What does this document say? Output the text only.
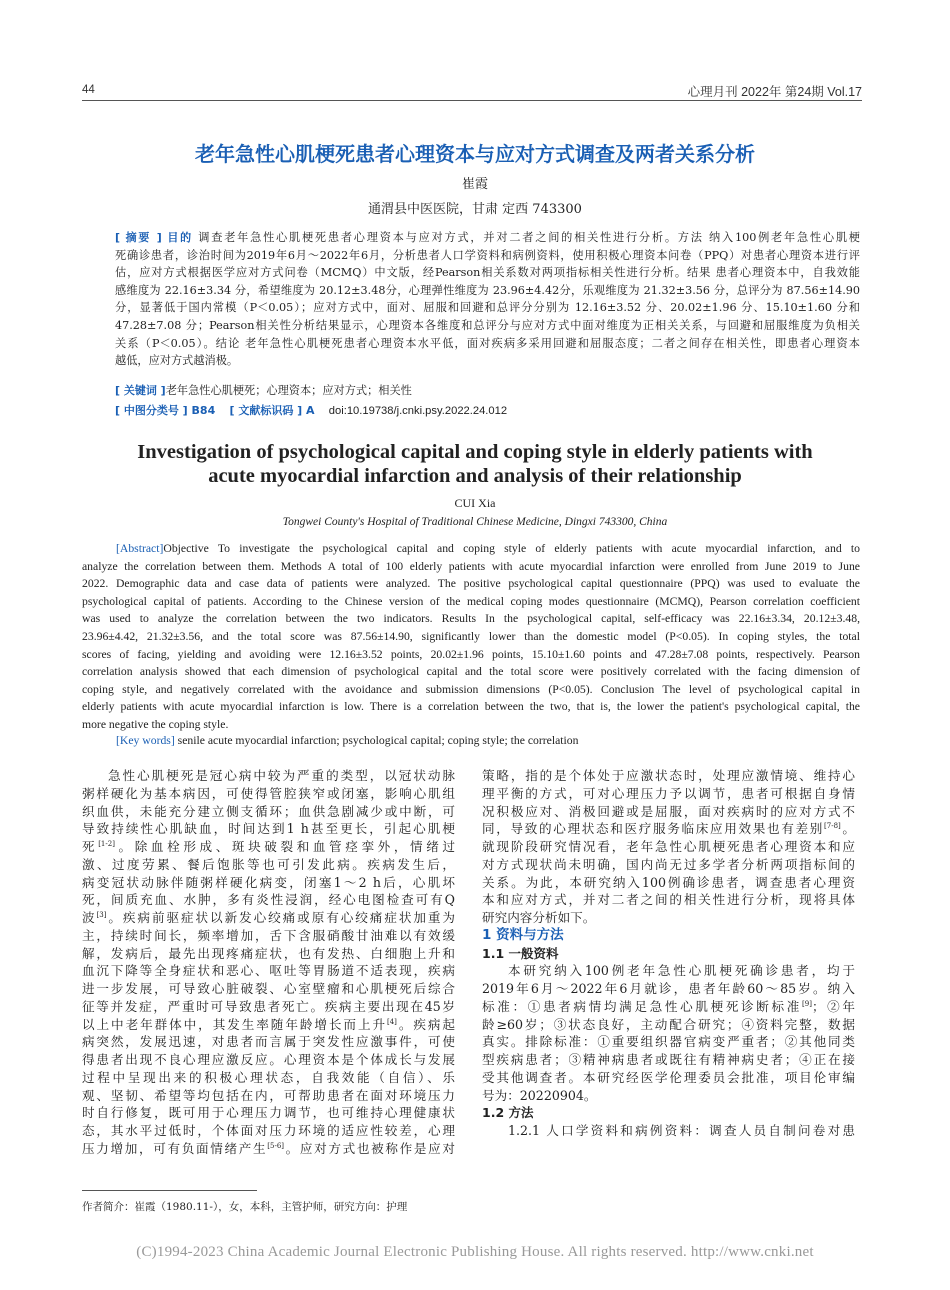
44	心理月刊 2022年 第24期 Vol.17
老年急性心肌梗死患者心理资本与应对方式调查及两者关系分析
崔霞
通渭县中医医院，甘肃 定西 743300

[ 摘要 ] 目的 调查老年急性心肌梗死患者心理资本与应对方式，并对二者之间的相关性进行分析。方法 纳入100例老年急性心肌梗

死确诊患者，诊治时间为2019年6月～2022年6月，分析患者人口学资料和病例资料，使用积极心理资本问卷（PPQ）对患者心理资本进行评

估，应对方式根据医学应对方式问卷（MCMQ）中文版，经Pearson相关系数对两项指标相关性进行分析。结果 患者心理资本中，自我效能

感维度为 22.16±3.34 分，希望维度为 20.12±3.48分，心理弹性维度为 23.96±4.42分，乐观维度为 21.32±3.56 分，总评分为 87.56±14.90

分，显著低于国内常模（P＜0.05）；应对方式中，面对、屈服和回避和总评分分别为 12.16±3.52 分、20.02±1.96 分、15.10±1.60 分和

47.28±7.08 分；Pearson相关性分析结果显示，心理资本各维度和总评分与应对方式中面对维度为正相关关系，与回避和屈服维度为负相关

关系（P＜0.05）。结论 老年急性心肌梗死患者心理资本水平低，面对疾病多采用回避和屈服态度；二者之间存在相关性，即患者心理资本

越低，应对方式越消极。

[ 关键词 ]老年急性心肌梗死；心理资本；应对方式；相关性
[ 中图分类号 ] B84 [ 文献标识码 ] A doi:10.19738/j.cnki.psy.2022.24.012
Investigation of psychological capital and coping style in elderly patients with
acute myocardial infarction and analysis of their relationship
CUI Xia
Tongwei County's Hospital of Traditional Chinese Medicine, Dingxi 743300, China

[Abstract]Objective To investigate the psychological capital and coping style of elderly patients with acute myocardial infarction, and to

analyze the correlation between them. Methods A total of 100 elderly patients with acute myocardial infarction were enrolled from June 2019 to June

2022. Demographic data and case data of patients were analyzed. The positive psychological capital questionnaire (PPQ) was used to evaluate the

psychological capital of patients. According to the Chinese version of the medical coping modes questionnaire (MCMQ), Pearson correlation coefficient

was used to analyze the correlation between the two indicators. Results In the psychological capital, self-efficacy was 22.16±3.34, 20.12±3.48,

23.96±4.42, 21.32±3.56, and the total score was 87.56±14.90, significantly lower than the domestic model (P<0.05). In coping styles, the total

scores of facing, yielding and avoiding were 12.16±3.52 points, 20.02±1.96 points, 15.10±1.60 points and 47.28±7.08 points, respectively. Pearson

correlation analysis showed that each dimension of psychological capital and the total score were positively correlated with the facing dimension of

coping style, and negatively correlated with the avoidance and submission dimensions (P<0.05). Conclusion The level of psychological capital in

elderly patients with acute myocardial infarction is low. There is a correlation between the two, that is, the lower the patient's psychological capital, the

more negative the coping style.

[Key words] senile acute myocardial infarction; psychological capital; coping style; the correlation

急性心肌梗死是冠心病中较为严重的类型，以冠状动脉

粥样硬化为基本病因，可使得管腔狭窄或闭塞，影响心肌组

织血供，未能充分建立侧支循环；血供急剧减少或中断，可

导致持续性心肌缺血，时间达到1 h甚至更长，引起心肌梗

死[1-2]。除血栓形成、斑块破裂和血管痉挛外，情绪过

激、过度劳累、餐后饱胀等也可引发此病。疾病发生后，

病变冠状动脉伴随粥样硬化病变，闭塞1～2 h后，心肌坏

死，间质充血、水肿，多有炎性浸润，经心电图检查可有Q

波[3]。疾病前驱症状以新发心绞痛或原有心绞痛症状加重为

主，持续时间长，频率增加，舌下含服硝酸甘油难以有效缓

解，发病后，最先出现疼痛症状，也有发热、白细胞上升和

血沉下降等全身症状和恶心、呕吐等胃肠道不适表现，疾病

进一步发展，可导致心脏破裂、心室壁瘤和心肌梗死后综合

征等并发症，严重时可导致患者死亡。疾病主要出现在45岁

以上中老年群体中，其发生率随年龄增长而上升[4]。疾病起

病突然，发展迅速，对患者而言属于突发性应激事件，可使

得患者出现不良心理应激反应。心理资本是个体成长与发展

过程中呈现出来的积极心理状态，自我效能（自信）、乐

观、坚韧、希望等均包括在内，可帮助患者在面对环境压力

时自行修复，既可用于心理压力调节，也可维持心理健康状

态，其水平过低时，个体面对压力环境的适应性较差，心理

压力增加，可有负面情绪产生[5-6]。应对方式也被称作是应对

策略，指的是个体处于应激状态时，处理应激情境、维持心

理平衡的方式，可对心理压力予以调节，患者可根据自身情

况积极应对、消极回避或是屈服，面对疾病时的应对方式不

同，导致的心理状态和医疗服务临床应用效果也有差别[7-8]。

就现阶段研究情况看，老年急性心肌梗死患者心理资本和应

对方式现状尚未明确，国内尚无过多学者分析两项指标间的

关系。为此，本研究纳入100例确诊患者，调查患者心理资

本和应对方式，并对二者之间的相关性进行分析，现将具体

研究内容分析如下。

1 资料与方法

1.1 一般资料

本研究纳入100例老年急性心肌梗死确诊患者，均于

2019年6月～2022年6月就诊，患者年龄60～85岁。纳入

标准：①患者病情均满足急性心肌梗死诊断标准[9]；②年

龄≥60岁；③状态良好，主动配合研究；④资料完整，数据

真实。排除标准：①重要组织器官病变严重者；②其他同类

型疾病患者；③精神病患者或既往有精神病史者；④正在接

受其他调查者。本研究经医学伦理委员会批准，项目伦审编

号为：20220904。

1.2 方法

1.2.1 人口学资料和病例资料：调查人员自制问卷对患

作者简介：崔霞（1980.11-），女，本科，主管护师，研究方向：护理
(C)1994-2023 China Academic Journal Electronic Publishing House. All rights reserved. http://www.cnki.net
